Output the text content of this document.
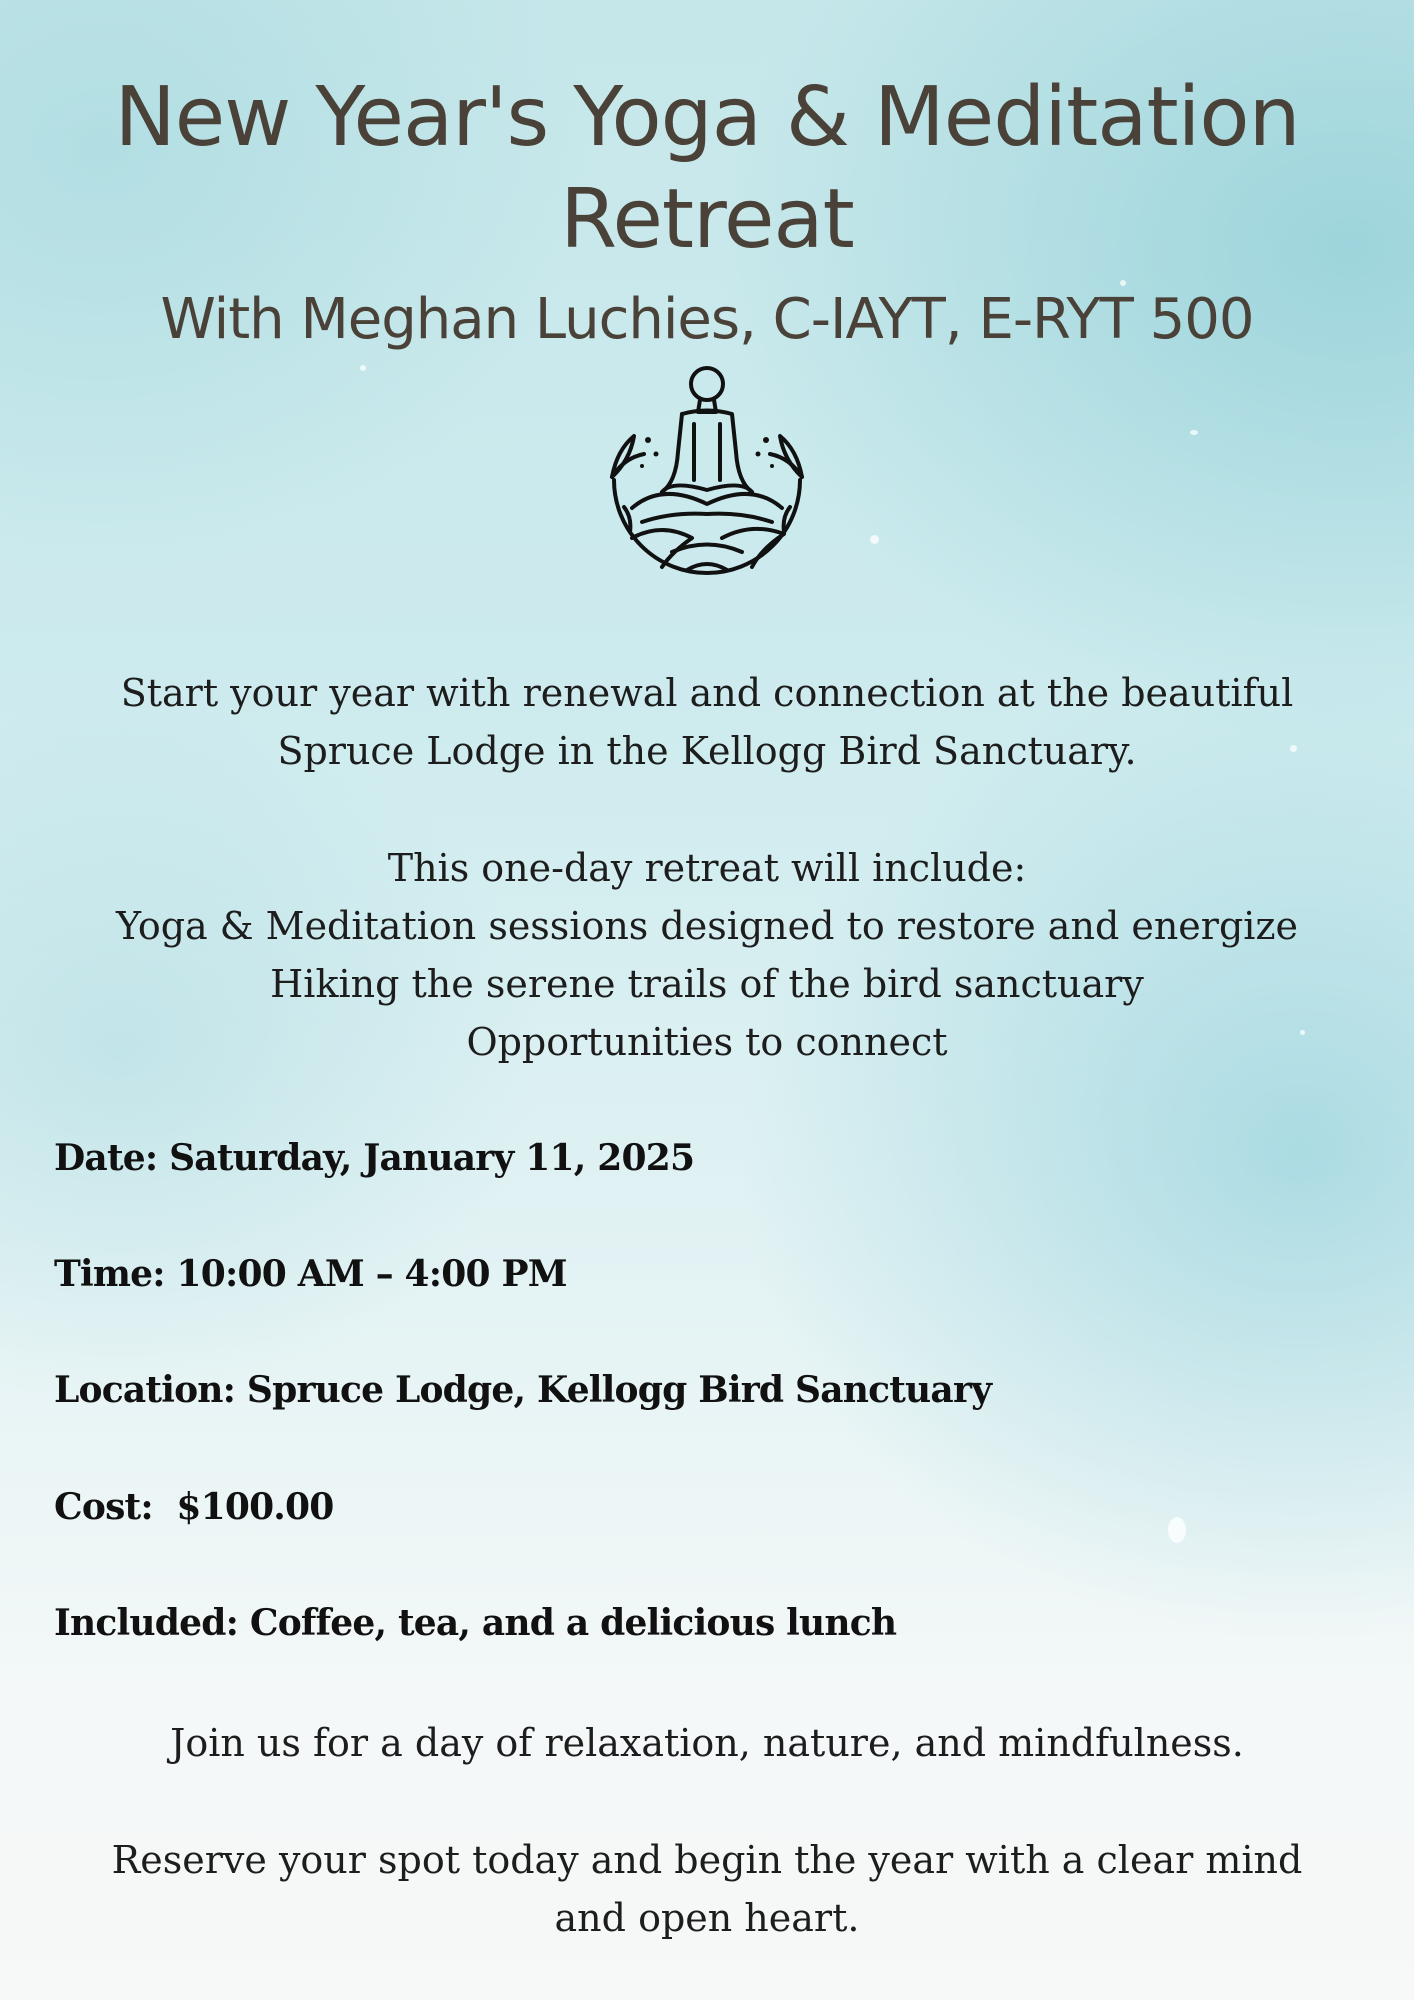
New Year's Yoga & Meditation
Retreat
With Meghan Luchies, C-IAYT, E-RYT 500
Start your year with renewal and connection at the beautiful
Spruce Lodge in the Kellogg Bird Sanctuary.
This one-day retreat will include:
Yoga & Meditation sessions designed to restore and energize
Hiking the serene trails of the bird sanctuary
Opportunities to connect
Date: Saturday, January 11, 2025
Time: 10:00 AM – 4:00 PM
Location: Spruce Lodge, Kellogg Bird Sanctuary
Cost:  $100.00
Included: Coffee, tea, and a delicious lunch
Join us for a day of relaxation, nature, and mindfulness.
Reserve your spot today and begin the year with a clear mind
and open heart.
